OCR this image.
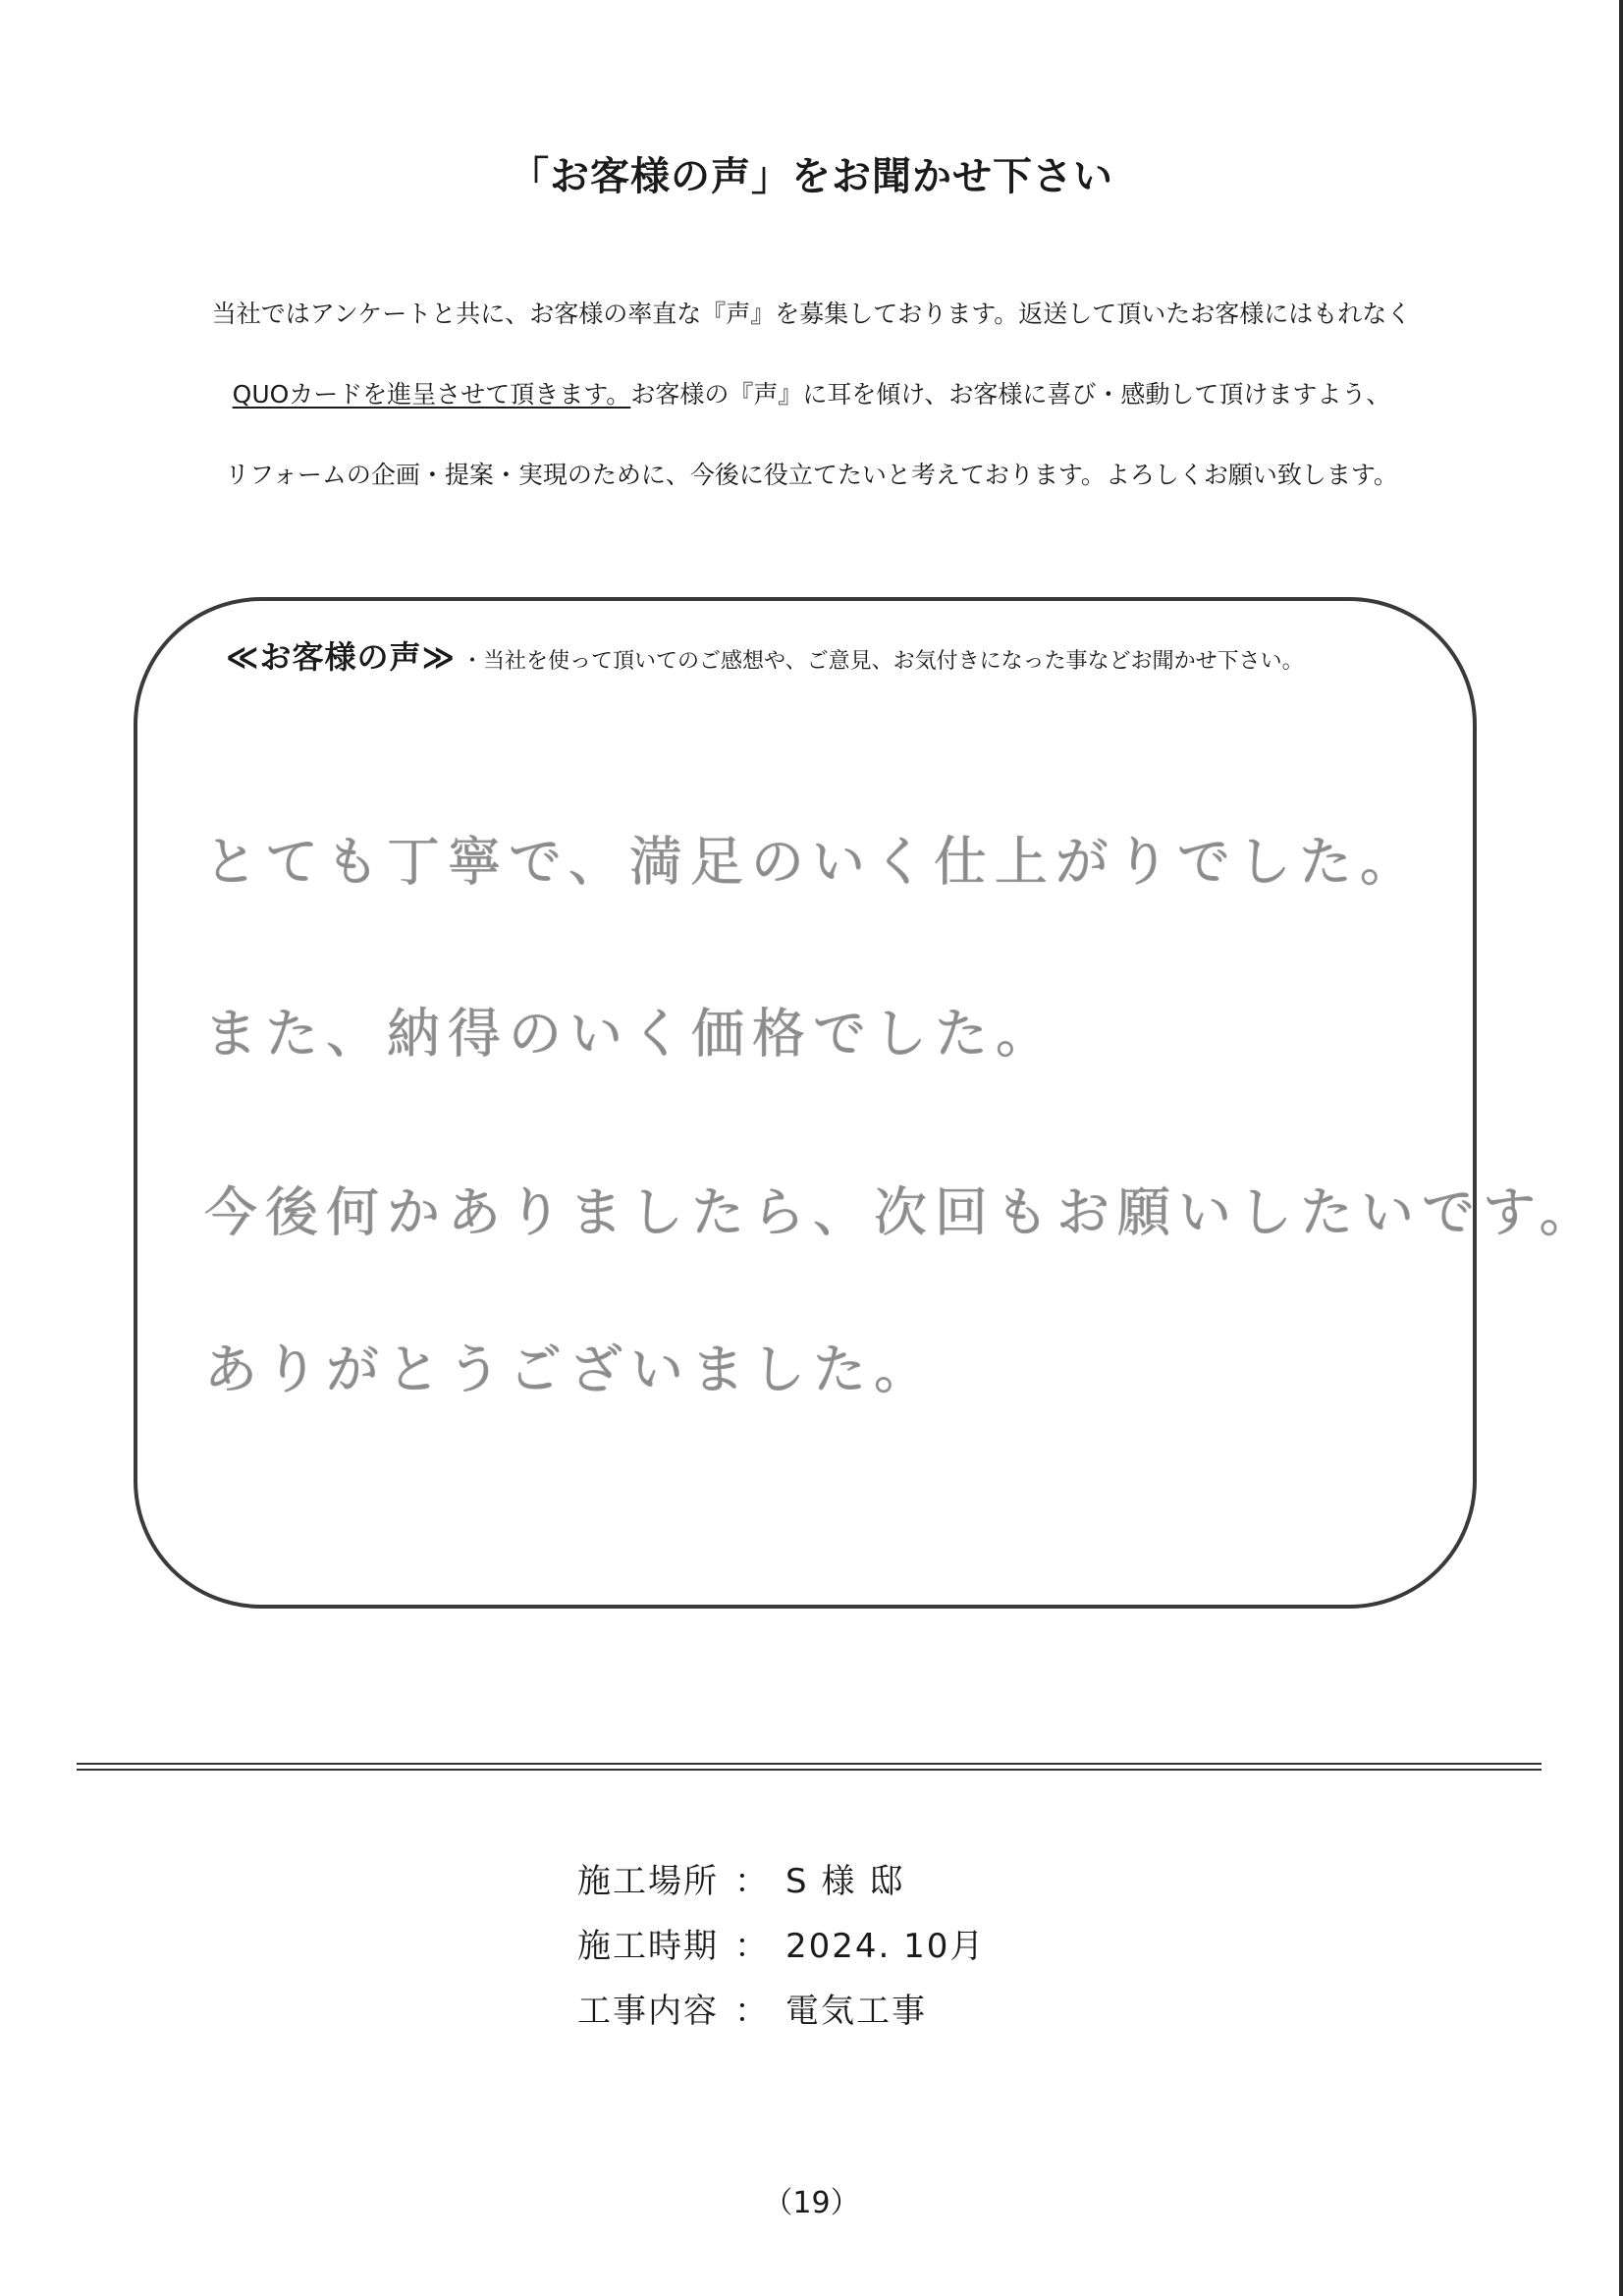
「お客様の声」をお聞かせ下さい
当社ではアンケートと共に、お客様の率直な『声』を募集しております。返送して頂いたお客様にはもれなく
QUOカードを進呈させて頂きます。お客様の『声』に耳を傾け、お客様に喜び・感動して頂けますよう、
リフォームの企画・提案・実現のために、今後に役立てたいと考えております。よろしくお願い致します。
≪お客様の声≫ ・当社を使って頂いてのご感想や、ご意見、お気付きになった事などお聞かせ下さい。
とても丁寧で、満足のいく仕上がりでした。
また、納得のいく価格でした。
今後何かありましたら、次回もお願いしたいです。
ありがとうございました。
施工場所 ： S 様 邸
施工時期 ： 2024. 10月
工事内容 ： 電気工事
（19）
